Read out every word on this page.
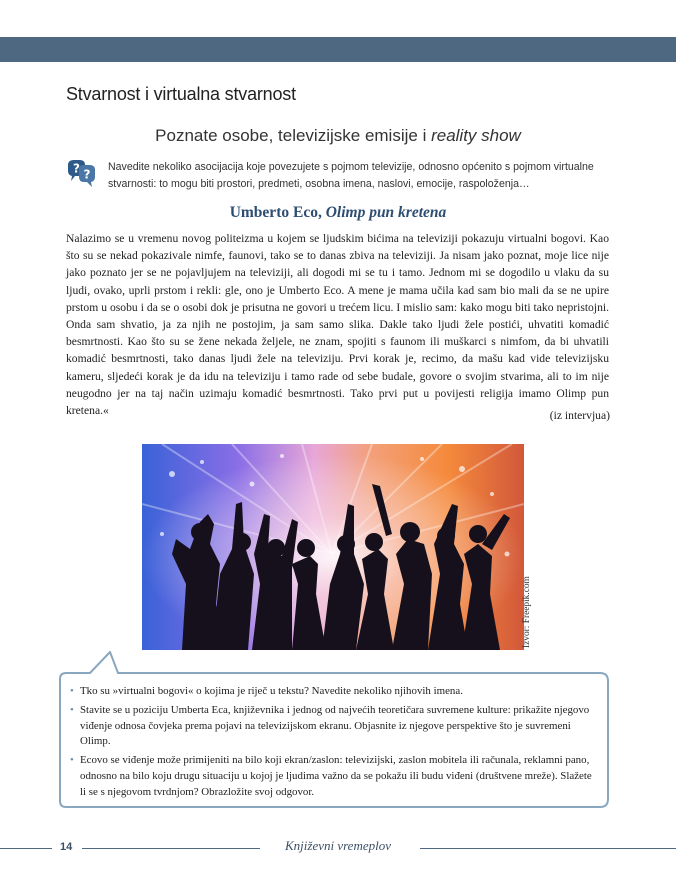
Stvarnost i virtualna stvarnost
Poznate osobe, televizijske emisije i reality show
? ?
Navedite nekoliko asocijacija koje povezujete s pojmom televizije, odnosno općenito s pojmom virtualne stvarnosti: to mogu biti prostori, predmeti, osobna imena, naslovi, emocije, raspoloženja…
Umberto Eco, Olimp pun kretena
Nalazimo se u vremenu novog politeizma u kojem se ljudskim bićima na televiziji pokazuju virtualni bogovi. Kao što su se nekad pokazivale nimfe, faunovi, tako se to danas zbiva na televiziji. Ja nisam jako poznat, moje lice nije jako poznato jer se ne pojavljujem na televiziji, ali dogodi mi se tu i tamo. Jednom mi se dogodilo u vlaku da su ljudi, ovako, uprli prstom i rekli: gle, ono je Umberto Eco. A mene je mama učila kad sam bio mali da se ne upire prstom u osobu i da se o osobi dok je prisutna ne govori u trećem licu. I mislio sam: kako mogu biti tako nepristojni. Onda sam shvatio, ja za njih ne postojim, ja sam samo slika. Dakle tako ljudi žele postići, uhvatiti komadić besmrtnosti. Kao što su se žene nekada željele, ne znam, spojiti s faunom ili muškarci s nimfom, da bi uhvatili komadić besmrtnosti, tako danas ljudi žele na televiziju. Prvi korak je, recimo, da mašu kad vide televizijsku kameru, sljedeći korak je da idu na televiziju i tamo rade od sebe budale, govore o svojim stvarima, ali to im nije neugodno jer na taj način uzimaju komadić besmrtnosti. Tako prvi put u povijesti religija imamo Olimp pun kretena.«	(iz intervjua)
Izvor: Freepik.com
• Tko su »virtualni bogovi« o kojima je riječ u tekstu? Navedite nekoliko njihovih imena.
• Stavite se u poziciju Umberta Eca, književnika i jednog od najvećih teoretičara suvremene kulture: prikažite njegovo viđenje odnosa čovjeka prema pojavi na televizijskom ekranu. Objasnite iz njegove perspektive što je suvremeni Olimp.
• Ecovo se viđenje može primijeniti na bilo koji ekran/zaslon: televizijski, zaslon mobitela ili računala, reklamni pano, odnosno na bilo koju drugu situaciju u kojoj je ljudima važno da se pokažu ili budu viđeni (društvene mreže). Slažete li se s njegovom tvrdnjom? Obrazložite svoj odgovor.
14	Književni vremeplov
